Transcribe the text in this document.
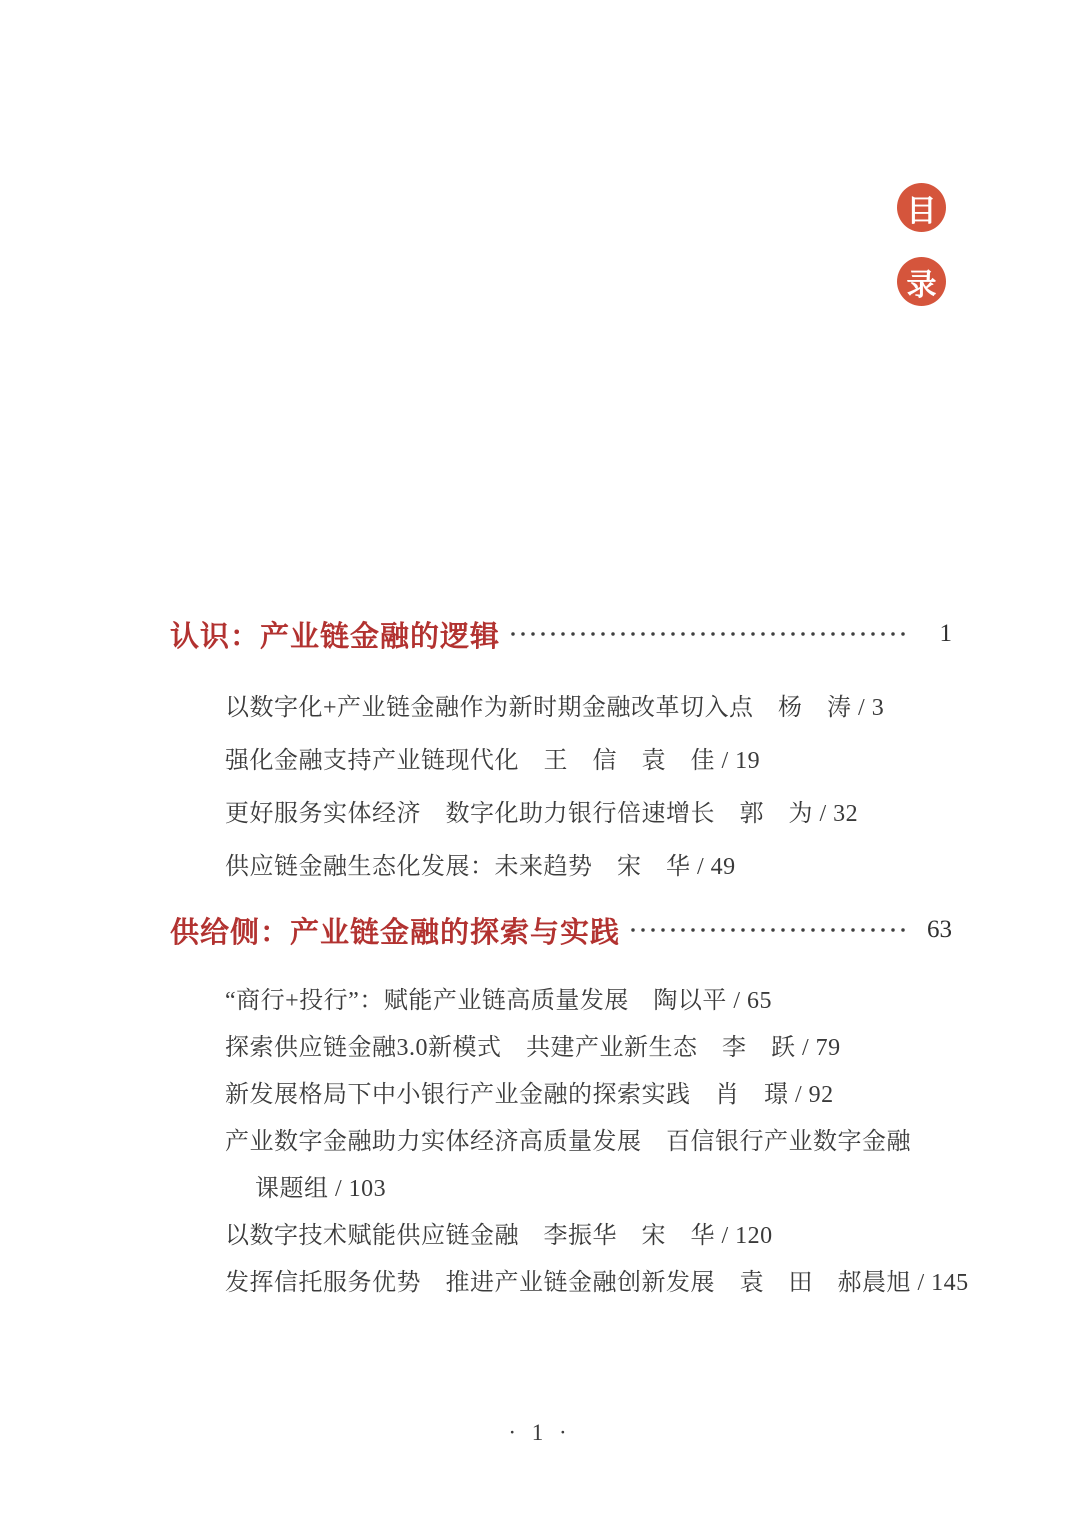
目
录
认识：产业链金融的逻辑	1
以数字化+产业链金融作为新时期金融改革切入点　杨　涛 / 3
强化金融支持产业链现代化　王　信　袁　佳 / 19
更好服务实体经济　数字化助力银行倍速增长　郭　为 / 32
供应链金融生态化发展：未来趋势　宋　华 / 49
供给侧：产业链金融的探索与实践	63
“商行+投行”：赋能产业链高质量发展　陶以平 / 65
探索供应链金融3.0新模式　共建产业新生态　李　跃 / 79
新发展格局下中小银行产业金融的探索实践　肖　璟 / 92
产业数字金融助力实体经济高质量发展　百信银行产业数字金融
课题组 / 103
以数字技术赋能供应链金融　李振华　宋　华 / 120
发挥信托服务优势　推进产业链金融创新发展　袁　田　郝晨旭 / 145
· 1 ·
